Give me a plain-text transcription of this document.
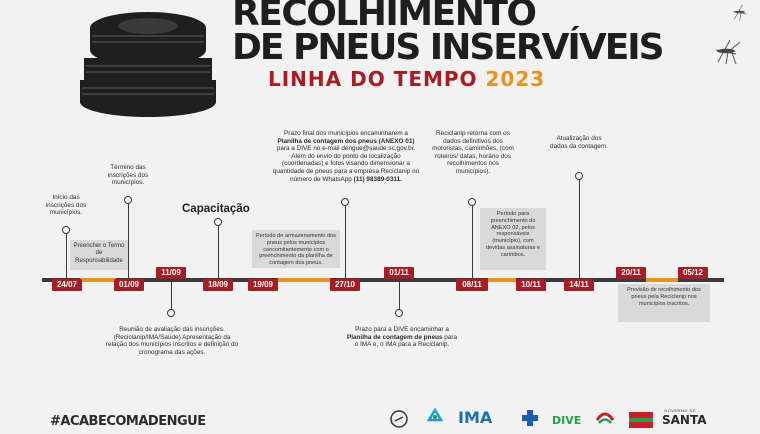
RECOLHIMENTO
DE PNEUS INSERVÍVEIS
LINHA DO TEMPO 2023
24/07	01/09
11/09
18/09	19/09	27/10
01/11
08/11	10/11	14/11
20/11	05/12
Início das inscrições dos municípios.
Término das inscrições dos municípios.
Preencher o Termo de Responsabilidade
Capacitação
Reunião de avaliação das inscrições. (Reciclanip/IMA/Saúde) Apresentação da relação dos municípios inscritos e definição do cronograma das ações.
Período de armazenamento dos pneus pelos municípios concomitantemente com o preenchimento da planilha de contagem dos pneus.
Prazo final dos municípios encaminharem a Planilha de contagem dos pneus (ANEXO 01) para a DIVE no e-mail dengue@saude.sc.gov.br. Além do envio do ponto de localização (coordenadas) e fotos visando dimensionar a quantidade de pneus para a empresa Reciclanip no número de WhatsApp (11) 98389-0311.
Prazo para a DIVE encaminhar a Planilha de contagem de pneus para o IMA e, o IMA para a Reciclanip.
Reciclanip retorna com os dados definitivos dos motoristas, caminhões, (com roteiros/ datas, horário dos recolhimentos nos municípios).
Período para preenchimento do ANEXO 02, pelos responsáveis (município), com devidas assinaturas e carimbos.
Atualização dos dados da contagem.
Previsão de recolhimento dos pneus pela Reciclanip nos municípios inscritos.
#ACABECOMADENGUE	IMA	DIVE
GOVERNO DE
SANTA
